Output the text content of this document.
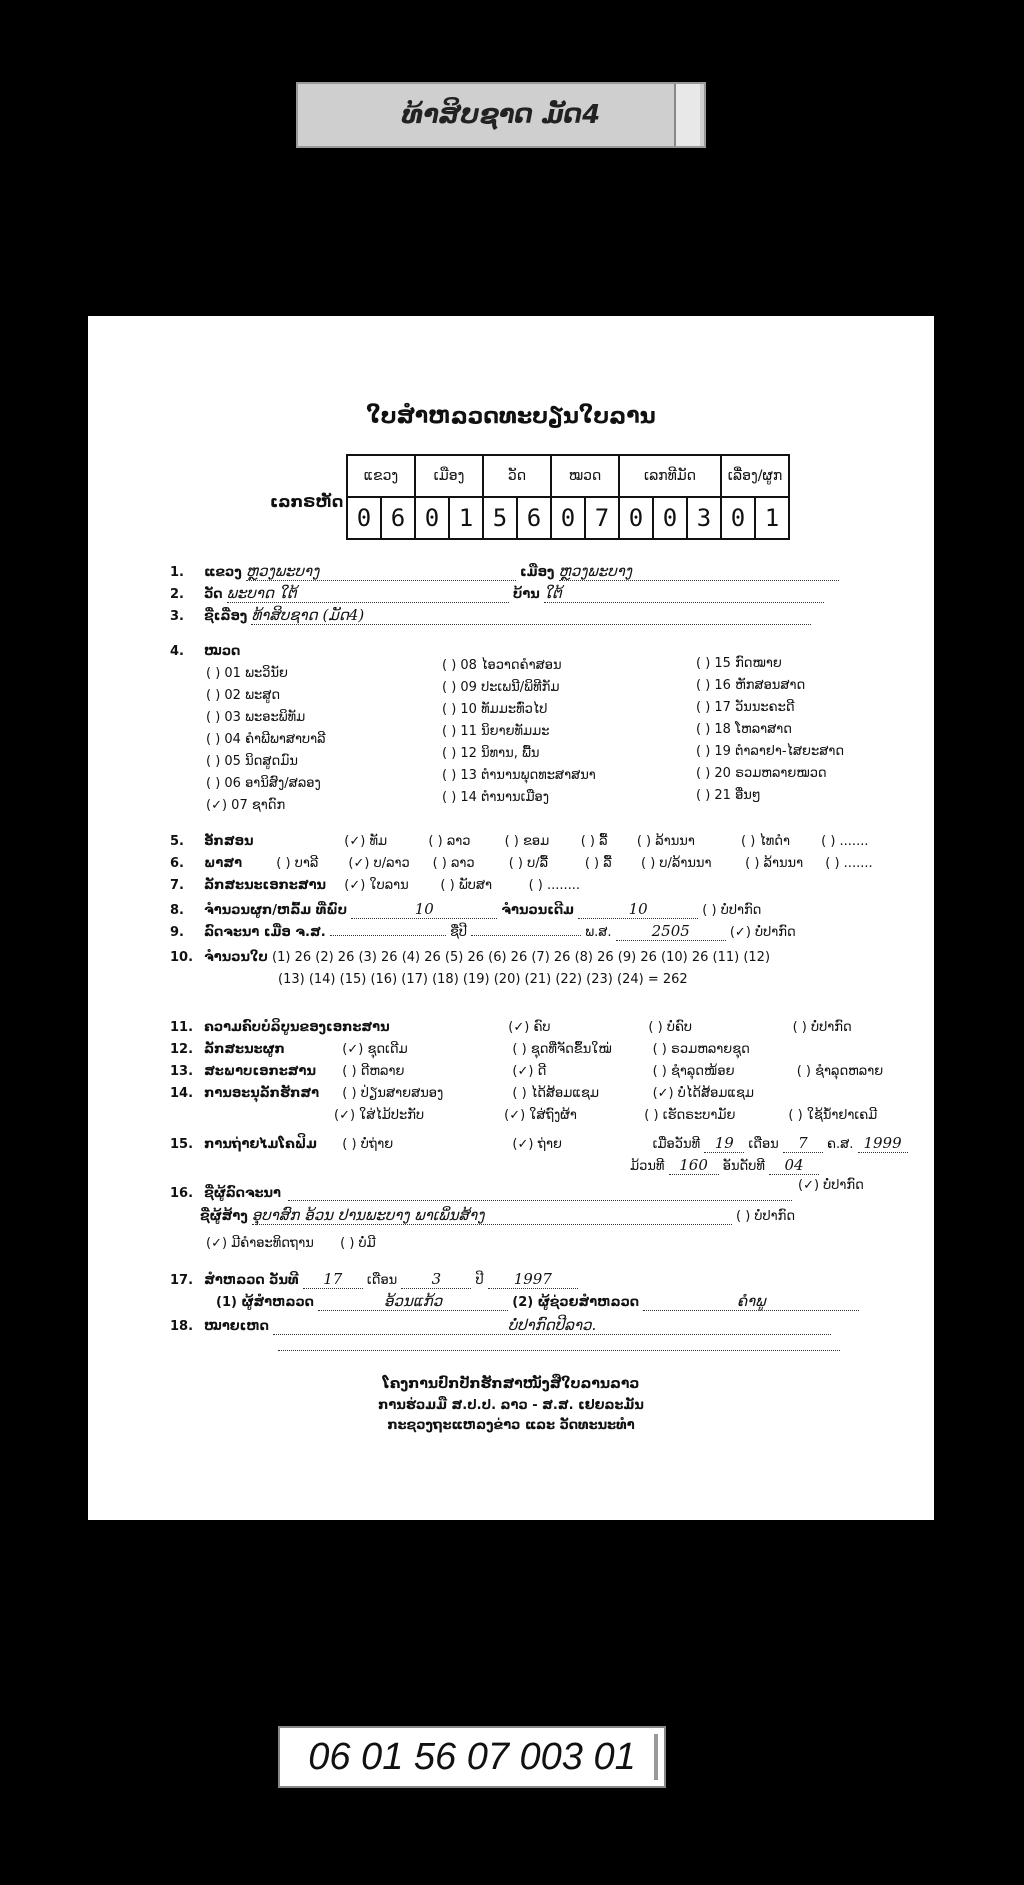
ທ້າສິບຊາດ ມັດ4
ໃບສຳຫລວດທະບຽນໃບລານ
ເລກຣຫັດ
ແຂວງ		ເມືອງ		ວັດ		ໝວດ		ເລກທີມັດ			ເລື່ອງ/ຜູກ	
0	6	0	1	5	6	0	7	0	0	3	0	1
1. ແຂວງ ຫຼວງພະບາງ	ເມືອງ ຫຼວງພະບາງ
2. ວັດ ພະບາດ ໃຕ້	ບ້ານ ໃຕ້
3. ຊື່ເລື່ອງ ທ້າສິບຊາດ (ມັດ4)
4. ໝວດ
( ) 01 ພະວິນັຍ
( ) 02 ພະສູດ
( ) 03 ພະອະພິທັມ
( ) 04 ຄຳພີພາສາບາລີ
( ) 05 ນິດສູດມົນ
( ) 06 ອານິສົງ/ສລອງ
(✓) 07 ຊາດົກ
( ) 08 ໄອວາດຄຳສອນ
( ) 09 ປະເພນີ/ພິທີກັມ
( ) 10 ທັມມະທົ່ວໄປ
( ) 11 ນິຍາຍທັມມະ
( ) 12 ນິທານ, ພື້ນ
( ) 13 ຕຳນານພຸດທະສາສນາ
( ) 14 ຕຳນານເມືອງ
( ) 15 ກົດໝາຍ
( ) 16 ຫັກສອນສາດ
( ) 17 ວັນນະຄະດີ
( ) 18 ໂຫລາສາດ
( ) 19 ຕຳລາຢາ-ໄສຍະສາດ
( ) 20 ຣວມຫລາຍໝວດ
( ) 21 ອື່ນໆ
5. ອັກສອນ	(✓) ທັມ	( ) ລາວ	( ) ຂອມ ( ) ລື້ ( ) ລ້ານນາ	( ) ໄທດຳ ( ) .......
6. ພາສາ	( ) ບາລີ (✓) ບ/ລາວ ( ) ລາວ	( ) ບ/ລື້	( ) ລື້ ( ) ບ/ລ້ານນາ	( ) ລ້ານນາ ( ) .......
7. ລັກສະນະເອກະສານ (✓) ໃບລານ ( ) ພັບສາ	( ) ........
8. ຈຳນວນຜູກ/ຫລົ້ມ ທີ່ພົບ	10	ຈຳນວນເດີມ	10	( ) ບໍ່ປາກົດ
9. ລົດຈະນາ ເມື່ອ ຈ.ສ.	ຊື່ປີ	ພ.ສ.	2505	(✓) ບໍ່ປາກົດ
10. ຈຳນວນໃບ (1) 26 (2) 26 (3) 26 (4) 26 (5) 26 (6) 26 (7) 26 (8) 26 (9) 26 (10) 26 (11) (12)
(13) (14) (15) (16) (17) (18) (19) (20) (21) (22) (23) (24) = 262
11. ຄວາມຄົບບໍລິບູນຂອງເອກະສານ	(✓) ຄົບ	( ) ບໍ່ຄົບ	( ) ບໍ່ປາກົດ
12. ລັກສະນະຜູກ	(✓) ຊຸດເດີມ	( ) ຊຸດທີ່ຈັດຂຶ້ນໃໝ່	( ) ຣວມຫລາຍຊຸດ
13. ສະພາບເອກະສານ ( ) ດີຫລາຍ	(✓) ດີ	( ) ຊຳລຸດໜ້ອຍ	( ) ຊຳລຸດຫລາຍ
14. ການອະນຸລັກຮັກສາ ( ) ປ່ຽນສາຍສນອງ	( ) ໄດ້ສ້ອມແຊມ	(✓) ບໍ່ໄດ້ສ້ອມແຊມ
(✓) ໃສ່ໄມ້ປະກັບ	(✓) ໃສ່ຖົງຜ້າ	( ) ເຮັດຣະບາມັຍ	( ) ໃຊ້ນ້ຳຢາເຄມີ
15. ການຖ່າຍໄມໂຄຟິມ ( ) ບໍ່ຖ່າຍ	(✓) ຖ່າຍ	ເມື່ອວັນທີ 19 ເດືອນ 7 ຄ.ສ. 1999
ມ້ວນທີ 160 ອັນດັບທີ 04
16. ຊື່ຜູ້ລົດຈະນາ
(✓) ບໍ່ປາກົດ
ຊື່ຜູ້ສ້າງ ອຸບາສົກ ອ້ວນ ປານພະບາງ ພາເພິ່ນສ້າງ	( ) ບໍ່ປາກົດ
(✓) ມີຄຳອະທິດຖານ ( ) ບໍ່ມີ
17. ສຳຫລວດ ວັນທີ 17 ເດືອນ 3	ປີ 1997
(1) ຜູ້ສຳຫລວດ	ອ້ວນແກ້ວ	(2) ຜູ້ຊ່ວຍສຳຫລວດ	ຄຳພູ
18. ໝາຍເຫດ	ບໍ່ປາກົດປີລາວ.
ໂຄງການປົກປັກຮັກສາໜັງສືໃບລານລາວ
ການຮ່ວມມື ສ.ປ.ປ. ລາວ - ສ.ສ. ເຢຍລະມັນ
ກະຊວງຖະແຫລງຂ່າວ ແລະ ວັດທະນະທຳ
06 01 56 07 003 01
